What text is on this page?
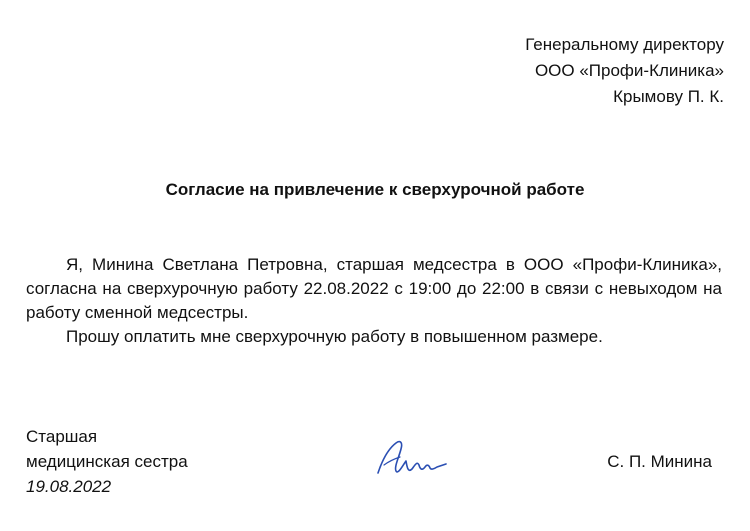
Генеральному директору
ООО «Профи-Клиника»
Крымову П. К.
Согласие на привлечение к сверхурочной работе

Я, Минина Светлана Петровна, старшая медсестра в ООО «Профи-Клиника», согласна на сверхурочную работу 22.08.2022 с 19:00 до 22:00 в связи с невыходом на работу сменной медсестры.

Прошу оплатить мне сверхурочную работу в повышенном размере.

Старшая
медицинская сестра
19.08.2022
С. П. Минина
